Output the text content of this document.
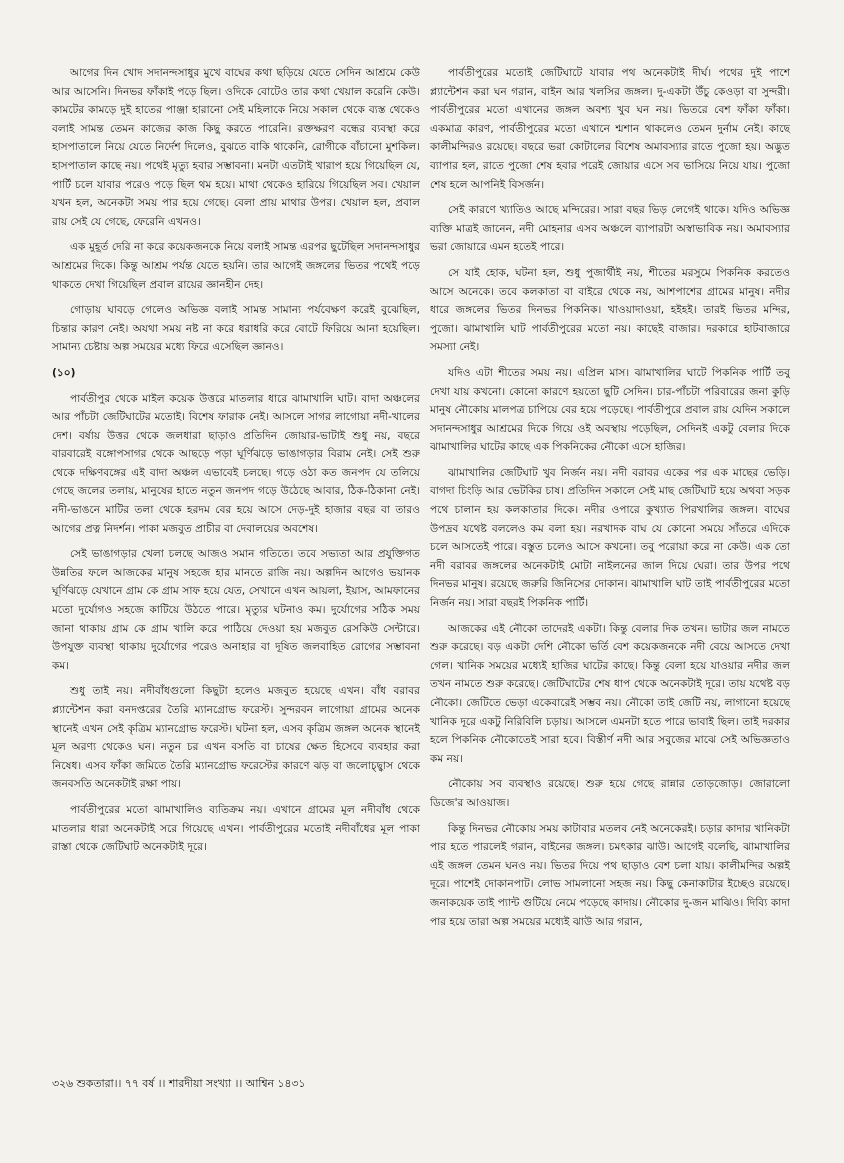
আগের দিন খোদ সদানন্দসাধুর মুখে বাঘের কথা ছড়িয়ে যেতে সেদিন আশ্রমে কেউ আর আসেনি। দিনভর ফাঁকাই পড়ে ছিল। ওদিকে বোটেও তার কথা খেয়াল করেনি কেউ। কামটের কামড়ে দুই হাতের পাঞ্জা হারানো সেই মহিলাকে নিয়ে সকাল থেকে ব্যস্ত থেকেও বলাই সামন্ত তেমন কাজের কাজ কিছু করতে পারেনি। রক্তক্ষরণ বন্ধের ব্যবস্থা করে হাসপাতালে নিয়ে যেতে নির্দেশ দিলেও, বুঝতে বাকি থাকেনি, রোগীকে বাঁচানো মুশকিল। হাসপাতাল কাছে নয়। পথেই মৃত্যু হবার সম্ভাবনা। মনটা এতটাই খারাপ হয়ে গিয়েছিল যে, পার্টি চলে যাবার পরেও পড়ে ছিল থম হয়ে। মাথা থেকেও হারিয়ে গিয়েছিল সব। খেয়াল যখন হল, অনেকটা সময় পার হয়ে গেছে। বেলা প্রায় মাথার উপর। খেয়াল হল, প্রবাল রায় সেই যে গেছে, ফেরেনি এখনও।

এক মুহূর্ত দেরি না করে কয়েকজনকে নিয়ে বলাই সামন্ত এরপর ছুটেছিল সদানন্দসাধুর আশ্রমের দিকে। কিন্তু আশ্রম পর্যন্ত যেতে হয়নি। তার আগেই জঙ্গলের ভিতর পথেই পড়ে থাকতে দেখা গিয়েছিল প্রবাল রায়ের জ্ঞানহীন দেহ।

গোড়ায় ঘাবড়ে গেলেও অভিজ্ঞ বলাই সামন্ত সামান্য পর্যবেক্ষণ করেই বুঝেছিল, চিন্তার কারণ নেই। অযথা সময় নষ্ট না করে ধরাধরি করে বোটে ফিরিয়ে আনা হয়েছিল। সামান্য চেষ্টায় অল্প সময়ের মধ্যে ফিরে এসেছিল জ্ঞানও।

(১০)

পার্বতীপুর থেকে মাইল কয়েক উত্তরে মাতলার ধারে ঝামাখালি ঘাট। বাদা অঞ্চলের আর পাঁচটা জেটিঘাটের মতোই। বিশেষ ফারাক নেই। আসলে সাগর লাগোয়া নদী-খালের দেশ। বর্ষায় উত্তর থেকে জলধারা ছাড়াও প্রতিদিন জোয়ার-ভাটাই শুধু নয়, বছরে বারবারেই বঙ্গোপসাগর থেকে আছড়ে পড়া ঘূর্ণিঝড়ে ভাঙাগড়ার বিরাম নেই। সেই শুরু থেকে দক্ষিণবঙ্গের এই বাদা অঞ্চল এভাবেই চলছে। গড়ে ওঠা কত জনপদ যে তলিয়ে গেছে জলের তলায়, মানুষের হাতে নতুন জনপদ গড়ে উঠেছে আবার, ঠিক-ঠিকানা নেই। নদী-ভাঙনে মাটির তলা থেকে হরদম বের হয়ে আসে দেড়-দুই হাজার বছর বা তারও আগের প্রত্ন নিদর্শন। পাকা মজবুত প্রাচীর বা দেবালয়ের অবশেষ।

সেই ভাঙাগড়ার খেলা চলছে আজও সমান গতিতে। তবে সভ্যতা আর প্রযুক্তিগত উন্নতির ফলে আজকের মানুষ সহজে হার মানতে রাজি নয়। অল্পদিন আগেও ভয়ানক ঘূর্ণিঝড়ে যেখানে গ্রাম কে গ্রাম সাফ হয়ে যেত, সেখানে এখন আয়লা, ইয়াস, আমফানের মতো দুর্যোগও সহজে কাটিয়ে উঠতে পারে। মৃত্যুর ঘটনাও কম। দুর্যোগের সঠিক সময় জানা থাকায় গ্রাম কে গ্রাম খালি করে পাঠিয়ে দেওয়া হয় মজবুত রেসকিউ সেন্টারে। উপযুক্ত ব্যবস্থা থাকায় দুর্যোগের পরেও অনাহার বা দূষিত জলবাহিত রোগের সম্ভাবনা কম।

শুধু তাই নয়। নদীবাঁধগুলো কিছুটা হলেও মজবুত হয়েছে এখন। বাঁধ বরাবর প্ল্যান্টেশন করা বনদপ্তরের তৈরি ম্যানগ্রোভ ফরেস্ট। সুন্দরবন লাগোয়া গ্রামের অনেক স্থানেই এখন সেই কৃত্রিম ম্যানগ্রোভ ফরেস্ট। ঘটনা হল, এসব কৃত্রিম জঙ্গল অনেক স্থানেই মূল অরণ্য থেকেও ঘন। নতুন চর এখন বসতি বা চাষের ক্ষেত হিসেবে ব্যবহার করা নিষেধ। এসব ফাঁকা জমিতে তৈরি ম্যানগ্রোভ ফরেস্টের কারণে ঝড় বা জলোচ্ছ্বাস থেকে জনবসতি অনেকটাই রক্ষা পায়।

পার্বতীপুরের মতো ঝামাখালিও ব্যতিক্রম নয়। এখানে গ্রামের মূল নদীবাঁধ থেকে মাতলার ধারা অনেকটাই সরে গিয়েছে এখন। পার্বতীপুরের মতোই নদীবাঁধের মূল পাকা রাস্তা থেকে জেটিঘাট অনেকটাই দূরে।

পার্বতীপুরের মতোই জেটিঘাটে যাবার পথ অনেকটাই দীর্ঘ। পথের দুই পাশে প্ল্যান্টেশন করা ঘন গরান, বাইন আর খলসির জঙ্গল। দু-একটা উঁচু কেওড়া বা সুন্দরী। পার্বতীপুরের মতো এখানের জঙ্গল অবশ্য খুব ঘন নয়। ভিতরে বেশ ফাঁকা ফাঁকা। একমাত্র কারণ, পার্বতীপুরের মতো এখানে শ্মশান থাকলেও তেমন দুর্নাম নেই। কাছে কালীমন্দিরও রয়েছে। বছরে ভরা কোটালের বিশেষ অমাবস্যার রাতে পুজো হয়। অদ্ভুত ব্যাপার হল, রাতে পুজো শেষ হবার পরেই জোয়ার এসে সব ভাসিয়ে নিয়ে যায়। পুজো শেষ হলে আপনিই বিসর্জন।

সেই কারণে খ্যাতিও আছে মন্দিরের। সারা বছর ভিড় লেগেই থাকে। যদিও অভিজ্ঞ ব্যক্তি মাত্রই জানেন, নদী মোহনার এসব অঞ্চলে ব্যাপারটা অস্বাভাবিক নয়। অমাবস্যার ভরা জোয়ারে এমন হতেই পারে।

সে যাই হোক, ঘটনা হল, শুধু পুজার্থীই নয়, শীতের মরসুমে পিকনিক করতেও আসে অনেকে। তবে কলকাতা বা বাইরে থেকে নয়, আশপাশের গ্রামের মানুষ। নদীর ধারে জঙ্গলের ভিতর দিনভর পিকনিক। খাওয়াদাওয়া, হইহই। তারই ভিতর মন্দির, পুজো। ঝামাখালি ঘাট পার্বতীপুরের মতো নয়। কাছেই বাজার। দরকারে হাটবাজারে সমস্যা নেই।

যদিও এটা শীতের সময় নয়। এপ্রিল মাস। ঝামাখালির ঘাটে পিকনিক পার্টি তবু দেখা যায় কখনো। কোনো কারণে হয়তো ছুটি সেদিন। চার-পাঁচটা পরিবারের জনা কুড়ি মানুষ নৌকোয় মালপত্র চাপিয়ে বের হয়ে পড়েছে। পার্বতীপুরে প্রবাল রায় যেদিন সকালে সদানন্দসাধুর আশ্রমের দিকে গিয়ে ওই অবস্থায় পড়েছিল, সেদিনই একটু বেলার দিকে ঝামাখালির ঘাটের কাছে এক পিকনিকের নৌকো এসে হাজির।

ঝামাখালির জেটিঘাট খুব নির্জন নয়। নদী বরাবর একের পর এক মাছের ভেড়ি। বাগদা চিংড়ি আর ভেটকির চাষ। প্রতিদিন সকালে সেই মাছ জেটিঘাট হয়ে অথবা সড়ক পথে চালান হয় কলকাতার দিকে। নদীর ওপারে কুখ্যাত পিরখালির জঙ্গল। বাঘের উপদ্রব যথেষ্ট বললেও কম বলা হয়। নরখাদক বাঘ যে কোনো সময়ে সাঁতরে এদিকে চলে আসতেই পারে। বস্তুত চলেও আসে কখনো। তবু পরোয়া করে না কেউ। এক তো নদী বরাবর জঙ্গলের অনেকটাই মোটা নাইলনের জাল দিয়ে ঘেরা। তার উপর পথে দিনভর মানুষ। রয়েছে জরুরি জিনিসের দোকান। ঝামাখালি ঘাট তাই পার্বতীপুরের মতো নির্জন নয়। সারা বছরই পিকনিক পার্টি।

আজকের এই নৌকো তাদেরই একটা। কিন্তু বেলার দিক তখন। ভাটার জল নামতে শুরু করেছে। বড় একটা দেশি নৌকো ভর্তি বেশ কয়েকজনকে নদী বেয়ে আসতে দেখা গেল। খানিক সময়ের মধ্যেই হাজির ঘাটের কাছে। কিন্তু বেলা হয়ে যাওয়ার নদীর জল তখন নামতে শুরু করেছে। জেটিঘাটের শেষ ধাপ থেকে অনেকটাই দূরে। তায় যথেষ্ট বড় নৌকো। জেটিতে ভেড়া একেবারেই সম্ভব নয়। নৌকো তাই জেটি নয়, লাগানো হয়েছে খানিক দূরে একটু নিরিবিলি চড়ায়। আসলে এমনটা হতে পারে ভাবাই ছিল। তাই দরকার হলে পিকনিক নৌকোতেই সারা হবে। বিস্তীর্ণ নদী আর সবুজের মাঝে সেই অভিজ্ঞতাও কম নয়।

নৌকোয় সব ব্যবস্থাও রয়েছে। শুরু হয়ে গেছে রান্নার তোড়জোড়। জোরালো ডিজে'র আওয়াজ।

কিন্তু দিনভর নৌকোয় সময় কাটাবার মতলব নেই অনেকেরই। চড়ার কাদার খানিকটা পার হতে পারলেই গরান, বাইনের জঙ্গল। চমৎকার ঝাউ। আগেই বলেছি, ঝামাখালির এই জঙ্গল তেমন ঘনও নয়। ভিতর দিয়ে পথ ছাড়াও বেশ চলা যায়। কালীমন্দির অল্পই দূরে। পাশেই দোকানপাট। লোভ সামলানো সহজ নয়। কিছু কেনাকাটার ইচ্ছেও রয়েছে। জনাকয়েক তাই প্যান্ট গুটিয়ে নেমে পড়েছে কাদায়। নৌকোর দু-জন মাঝিও। দিব্যি কাদা পার হয়ে তারা অল্প সময়ের মধ্যেই ঝাউ আর গরান,

৩২৬ শুকতারা।। ৭৭ বর্ষ ।। শারদীয়া সংখ্যা ।। আশ্বিন ১৪৩১
